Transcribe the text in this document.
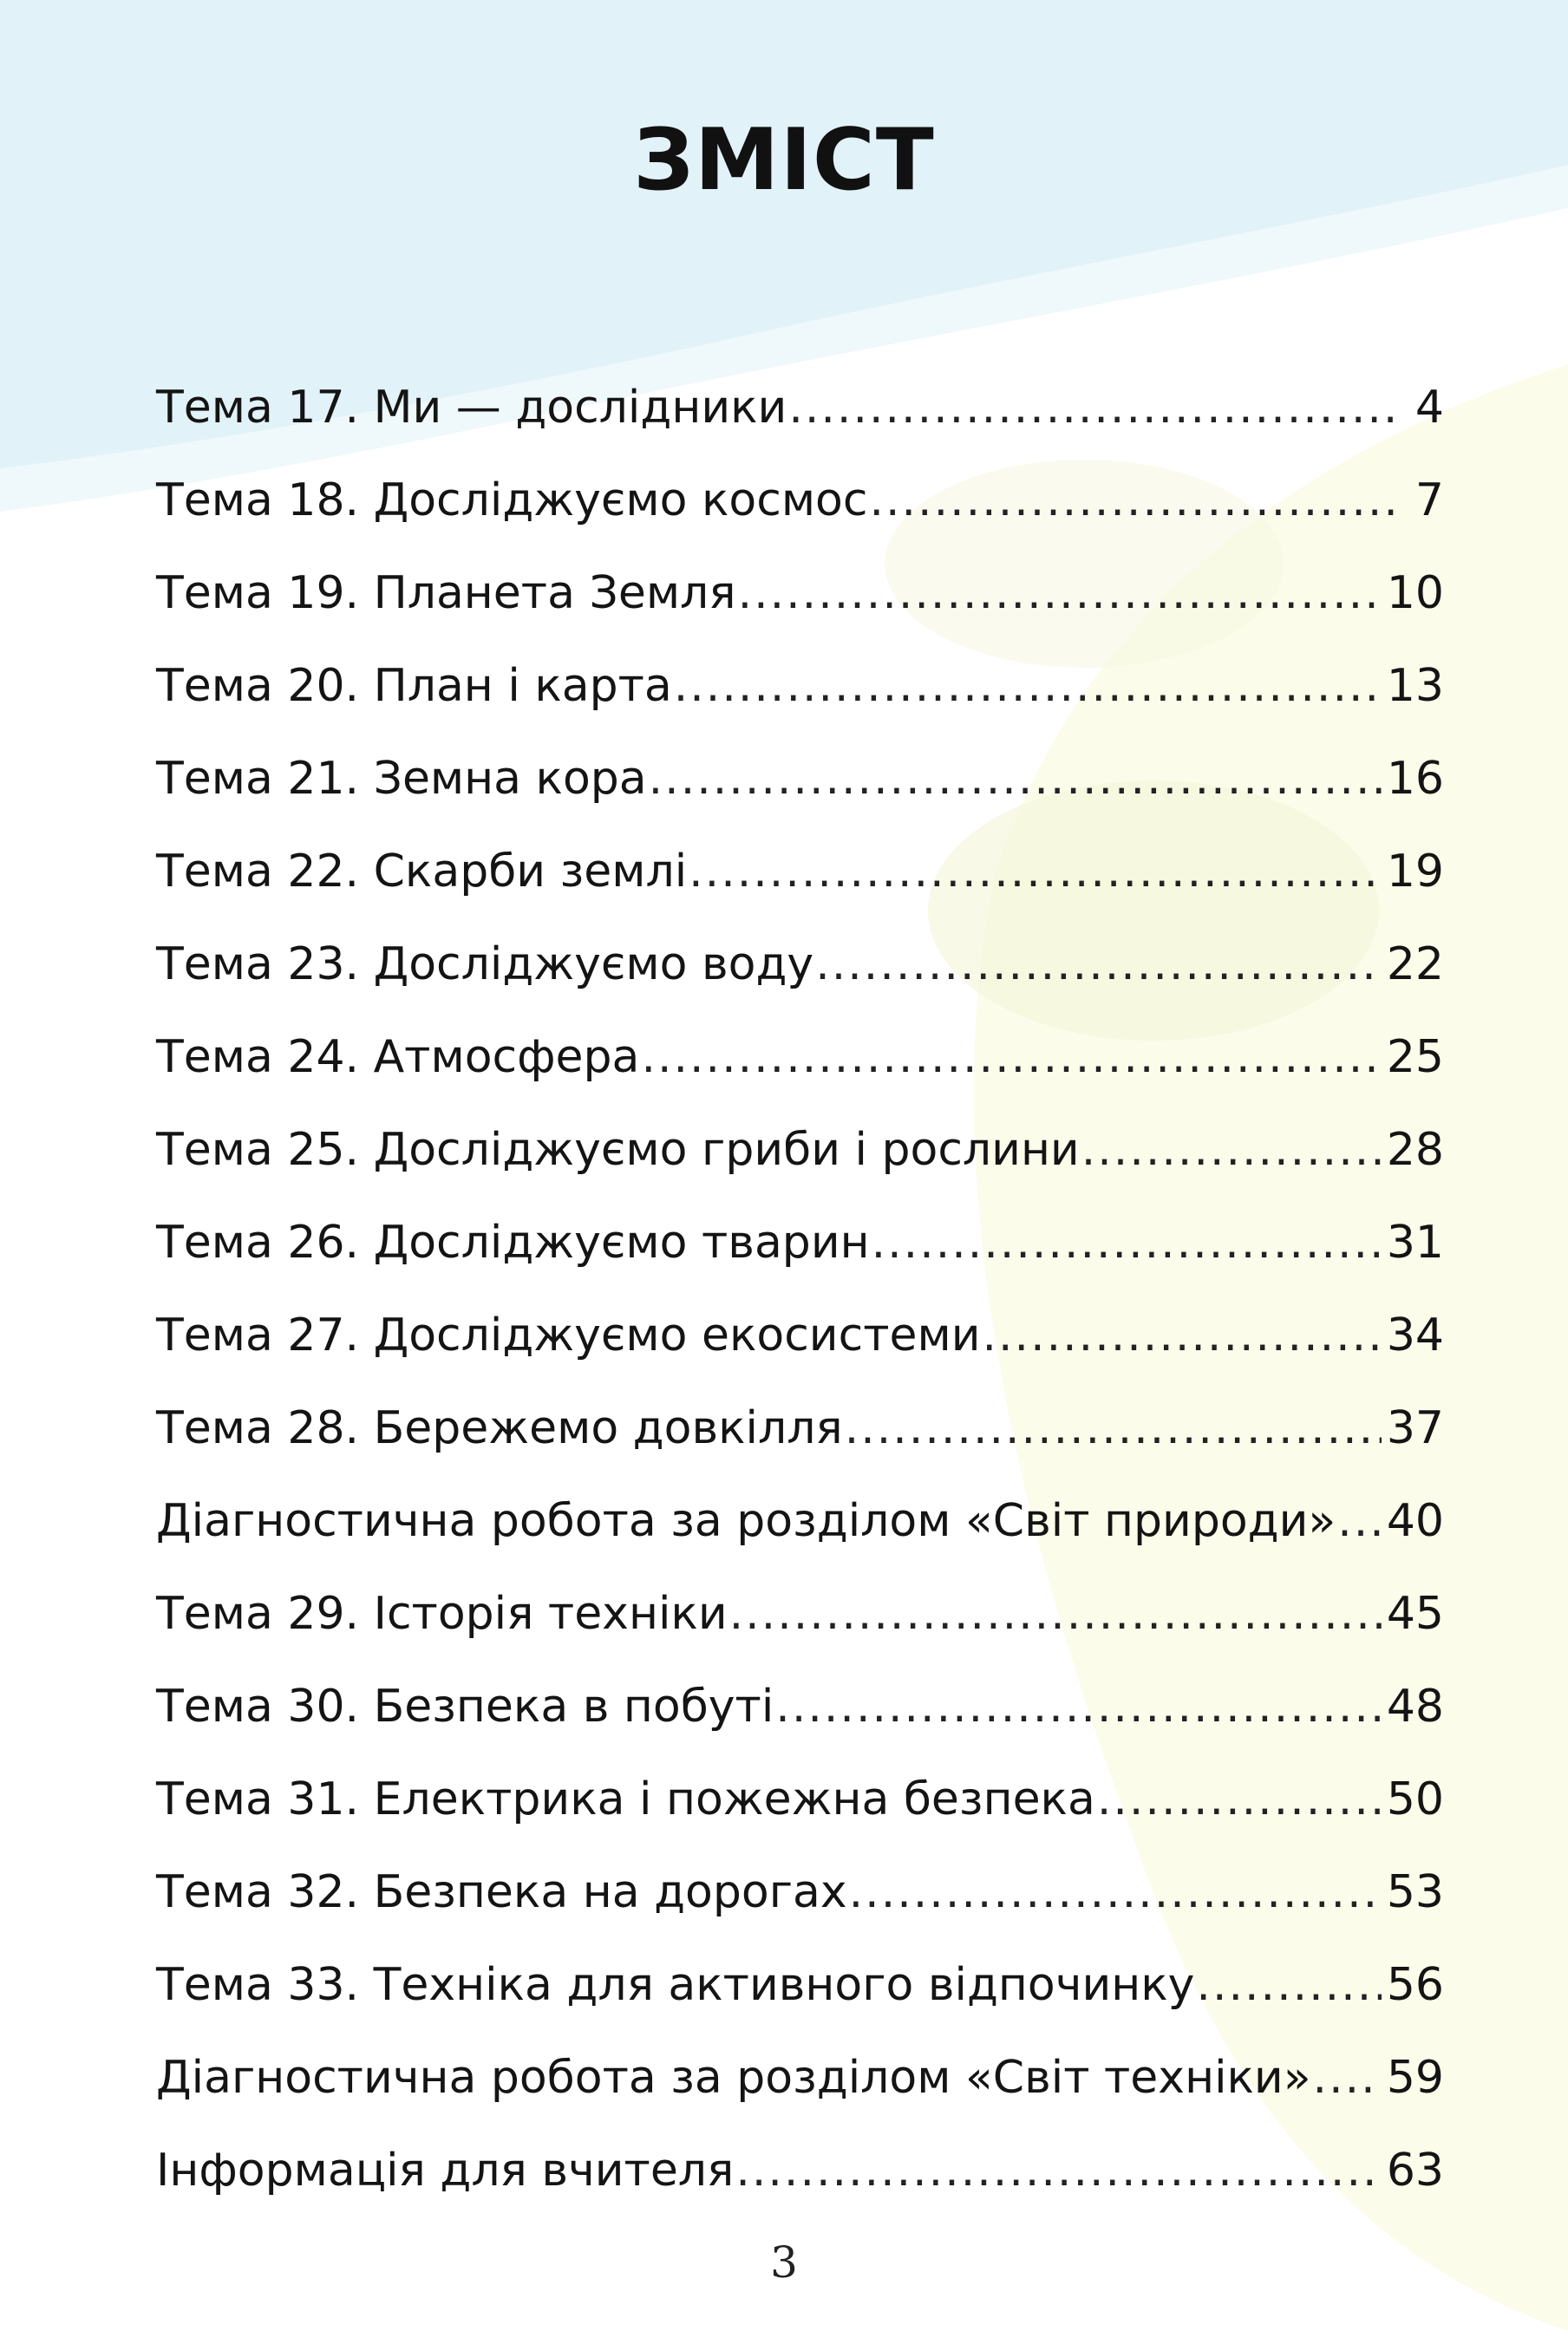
ЗМІСТ
Тема 17. Ми — дослідники .....	4
Тема 18. Досліджуємо космос .....	7
Тема 19. Планета Земля .....	10
Тема 20. План і карта .....	13
Тема 21. Земна кора .....	16
Тема 22. Скарби землі .....	19
Тема 23. Досліджуємо воду .....	22
Тема 24. Атмосфера .....	25
Тема 25. Досліджуємо гриби і рослини .....	28
Тема 26. Досліджуємо тварин .....	31
Тема 27. Досліджуємо екосистеми .....	34
Тема 28. Бережемо довкілля .....	37
Діагностична робота за розділом «Світ природи» ..... 40
Тема 29. Історія техніки .....	45
Тема 30. Безпека в побуті .....	48
Тема 31. Електрика і пожежна безпека .....	50
Тема 32. Безпека на дорогах .....	53
Тема 33. Техніка для активного відпочинку .....	56
Діагностична робота за розділом «Світ техніки» ..... 59
Інформація для вчителя .....	63
3
